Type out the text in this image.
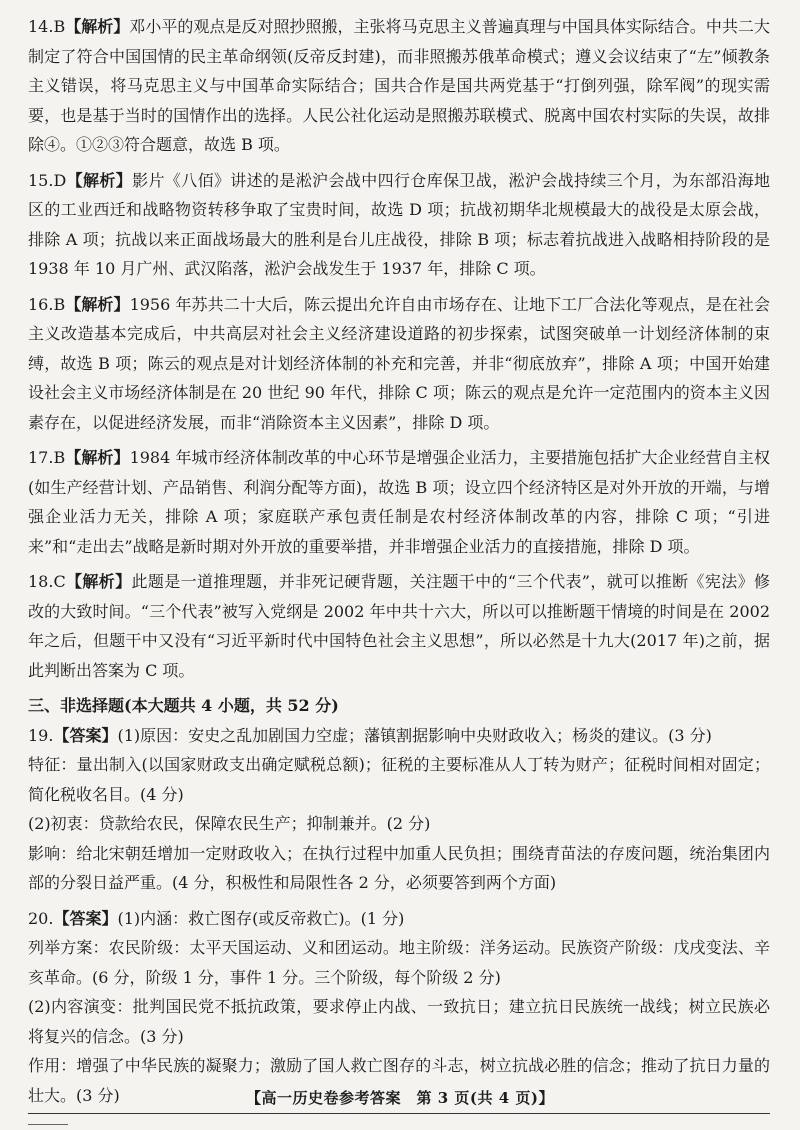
14.B【解析】邓小平的观点是反对照抄照搬，主张将马克思主义普遍真理与中国具体实际结合。中共二大制定了符合中国国情的民主革命纲领(反帝反封建)，而非照搬苏俄革命模式；遵义会议结束了“左”倾教条主义错误，将马克思主义与中国革命实际结合；国共合作是国共两党基于“打倒列强，除军阀”的现实需要，也是基于当时的国情作出的选择。人民公社化运动是照搬苏联模式、脱离中国农村实际的失误，故排除④。①②③符合题意，故选 B 项。

15.D【解析】影片《八佰》讲述的是淞沪会战中四行仓库保卫战，淞沪会战持续三个月，为东部沿海地区的工业西迁和战略物资转移争取了宝贵时间，故选 D 项；抗战初期华北规模最大的战役是太原会战，排除 A 项；抗战以来正面战场最大的胜利是台儿庄战役，排除 B 项；标志着抗战进入战略相持阶段的是 1938 年 10 月广州、武汉陷落，淞沪会战发生于 1937 年，排除 C 项。

16.B【解析】1956 年苏共二十大后，陈云提出允许自由市场存在、让地下工厂合法化等观点，是在社会主义改造基本完成后，中共高层对社会主义经济建设道路的初步探索，试图突破单一计划经济体制的束缚，故选 B 项；陈云的观点是对计划经济体制的补充和完善，并非“彻底放弃”，排除 A 项；中国开始建设社会主义市场经济体制是在 20 世纪 90 年代，排除 C 项；陈云的观点是允许一定范围内的资本主义因素存在，以促进经济发展，而非“消除资本主义因素”，排除 D 项。

17.B【解析】1984 年城市经济体制改革的中心环节是增强企业活力，主要措施包括扩大企业经营自主权(如生产经营计划、产品销售、利润分配等方面)，故选 B 项；设立四个经济特区是对外开放的开端，与增强企业活力无关，排除 A 项；家庭联产承包责任制是农村经济体制改革的内容，排除 C 项；“引进来”和“走出去”战略是新时期对外开放的重要举措，并非增强企业活力的直接措施，排除 D 项。

18.C【解析】此题是一道推理题，并非死记硬背题，关注题干中的“三个代表”，就可以推断《宪法》修改的大致时间。“三个代表”被写入党纲是 2002 年中共十六大，所以可以推断题干情境的时间是在 2002 年之后，但题干中又没有“习近平新时代中国特色社会主义思想”，所以必然是十九大(2017 年)之前，据此判断出答案为 C 项。

三、非选择题(本大题共 4 小题，共 52 分)

19.【答案】(1)原因：安史之乱加剧国力空虚；藩镇割据影响中央财政收入；杨炎的建议。(3 分)

特征：量出制入(以国家财政支出确定赋税总额)；征税的主要标准从人丁转为财产；征税时间相对固定；简化税收名目。(4 分)

(2)初衷：贷款给农民，保障农民生产；抑制兼并。(2 分)

影响：给北宋朝廷增加一定财政收入；在执行过程中加重人民负担；围绕青苗法的存废问题，统治集团内部的分裂日益严重。(4 分，积极性和局限性各 2 分，必须要答到两个方面)

20.【答案】(1)内涵：救亡图存(或反帝救亡)。(1 分)

列举方案：农民阶级：太平天国运动、义和团运动。地主阶级：洋务运动。民族资产阶级：戊戌变法、辛亥革命。(6 分，阶级 1 分，事件 1 分。三个阶级，每个阶级 2 分)

(2)内容演变：批判国民党不抵抗政策，要求停止内战、一致抗日；建立抗日民族统一战线；树立民族必将复兴的信念。(3 分)

作用：增强了中华民族的凝聚力；激励了国人救亡图存的斗志，树立抗战必胜的信念；推动了抗日力量的壮大。(3 分)	【高一历史卷参考答案　第 3 页(共 4 页)】
